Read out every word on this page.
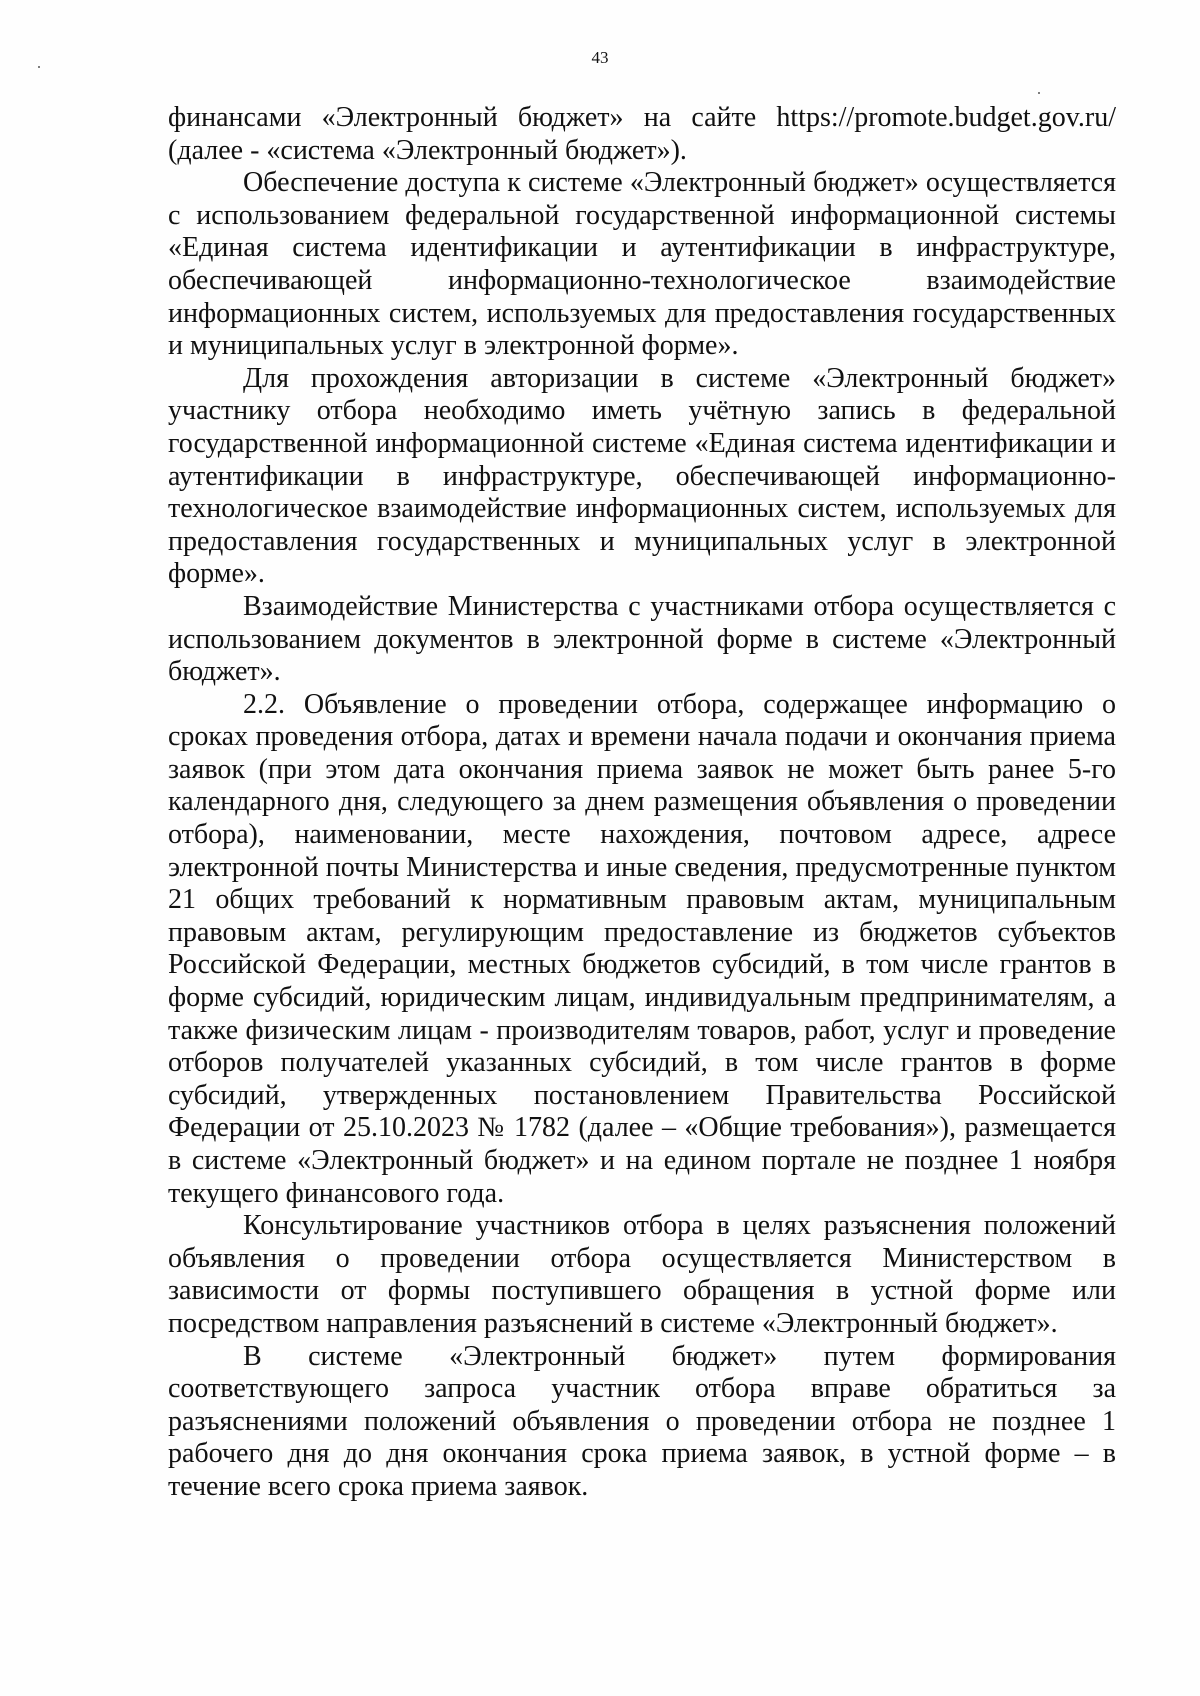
43

финансами «Электронный бюджет» на сайте https://promote.budget.gov.ru/ (далее - «система «Электронный бюджет»).

Обеспечение доступа к системе «Электронный бюджет» осуществляется с использованием федеральной государственной информационной системы «Единая система идентификации и аутентификации в инфраструктуре, обеспечивающей информационно-технологическое взаимодействие информационных систем, используемых для предоставления государственных и муниципальных услуг в электронной форме».

Для прохождения авторизации в системе «Электронный бюджет» участнику отбора необходимо иметь учётную запись в федеральной государственной информационной системе «Единая система идентификации и аутентификации в инфраструктуре, обеспечивающей информационно-технологическое взаимодействие информационных систем, используемых для предоставления государственных и муниципальных услуг в электронной форме».

Взаимодействие Министерства с участниками отбора осуществляется с использованием документов в электронной форме в системе «Электронный бюджет».

2.2. Объявление о проведении отбора, содержащее информацию о сроках проведения отбора, датах и времени начала подачи и окончания приема заявок (при этом дата окончания приема заявок не может быть ранее 5-го календарного дня, следующего за днем размещения объявления о проведении отбора), наименовании, месте нахождения, почтовом адресе, адресе электронной почты Министерства и иные сведения, предусмотренные пунктом 21 общих требований к нормативным правовым актам, муниципальным правовым актам, регулирующим предоставление из бюджетов субъектов Российской Федерации, местных бюджетов субсидий, в том числе грантов в форме субсидий, юридическим лицам, индивидуальным предпринимателям, а также физическим лицам - производителям товаров, работ, услуг и проведение отборов получателей указанных субсидий, в том числе грантов в форме субсидий, утвержденных постановлением Правительства Российской Федерации от 25.10.2023 № 1782 (далее – «Общие требования»), размещается в системе «Электронный бюджет» и на едином портале не позднее 1 ноября текущего финансового года.

Консультирование участников отбора в целях разъяснения положений объявления о проведении отбора осуществляется Министерством в зависимости от формы поступившего обращения в устной форме или посредством направления разъяснений в системе «Электронный бюджет».

В системе «Электронный бюджет» путем формирования соответствующего запроса участник отбора вправе обратиться за разъяснениями положений объявления о проведении отбора не позднее 1 рабочего дня до дня окончания срока приема заявок, в устной форме – в течение всего срока приема заявок.
